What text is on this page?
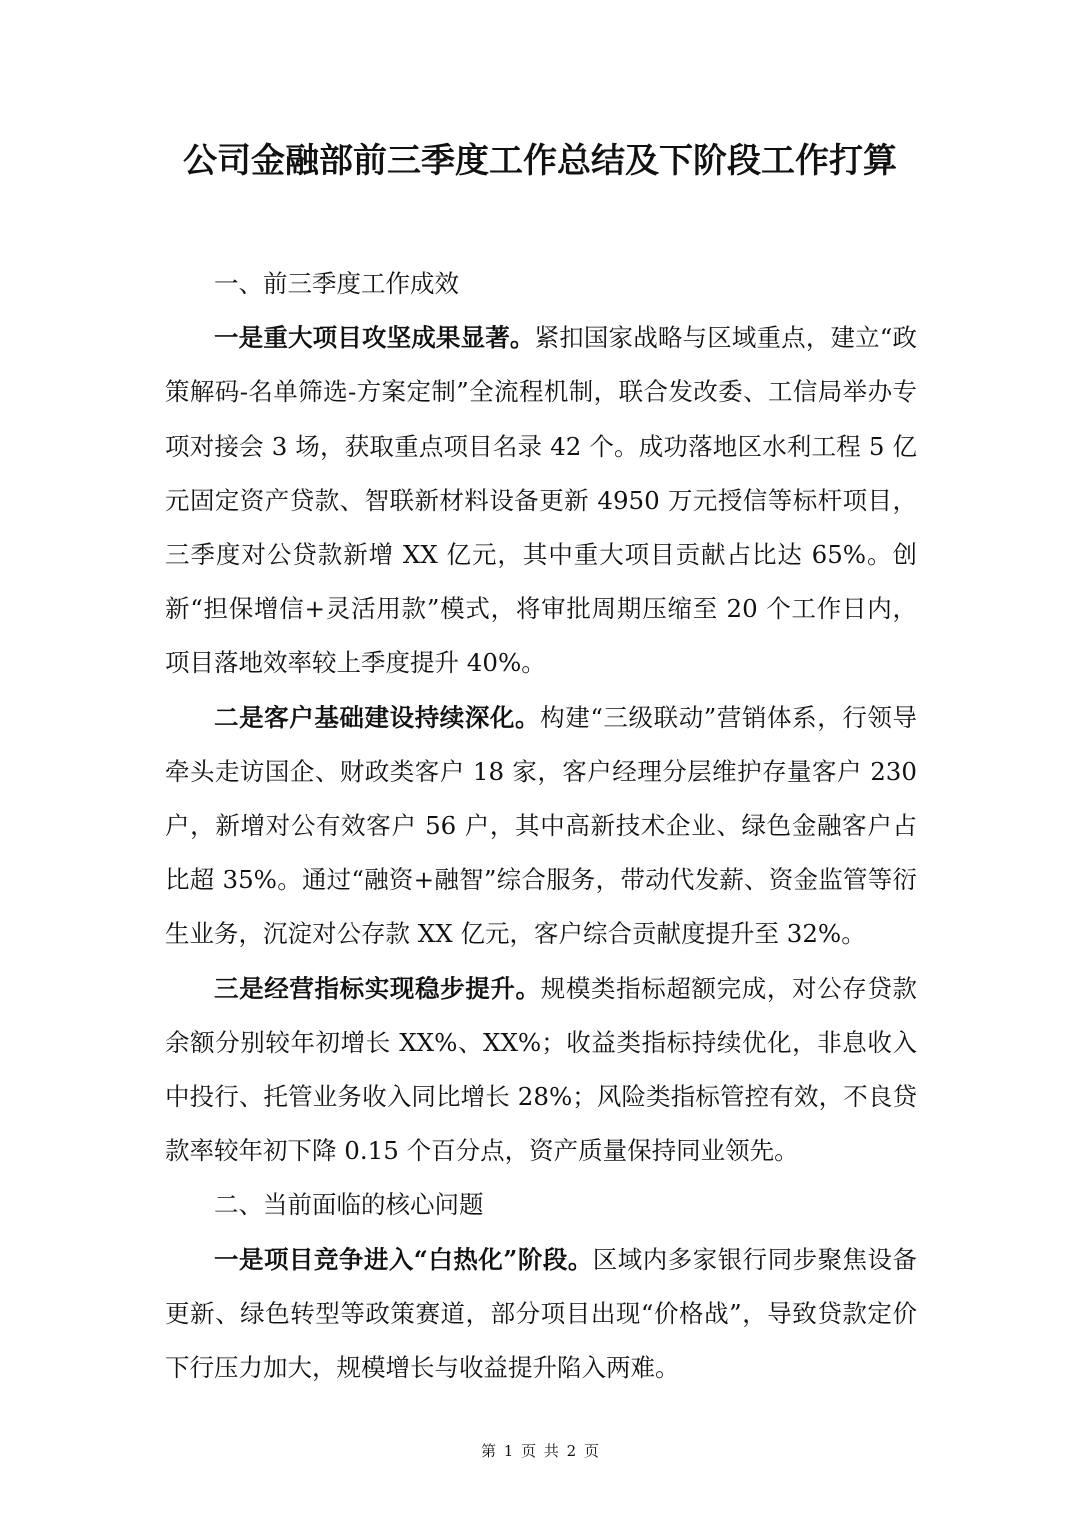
公司金融部前三季度工作总结及下阶段工作打算

一、前三季度工作成效

一是重大项目攻坚成果显著。紧扣国家战略与区域重点，建立“政策解码-名单筛选-方案定制”全流程机制，联合发改委、工信局举办专项对接会 3 场，获取重点项目名录 42 个。成功落地区水利工程 5 亿元固定资产贷款、智联新材料设备更新 4950 万元授信等标杆项目，三季度对公贷款新增 XX 亿元，其中重大项目贡献占比达 65%。创新“担保增信+灵活用款”模式，将审批周期压缩至 20 个工作日内，项目落地效率较上季度提升 40%。

二是客户基础建设持续深化。构建“三级联动”营销体系，行领导牵头走访国企、财政类客户 18 家，客户经理分层维护存量客户 230 户，新增对公有效客户 56 户，其中高新技术企业、绿色金融客户占比超 35%。通过“融资+融智”综合服务，带动代发薪、资金监管等衍生业务，沉淀对公存款 XX 亿元，客户综合贡献度提升至 32%。

三是经营指标实现稳步提升。规模类指标超额完成，对公存贷款余额分别较年初增长 XX%、XX%；收益类指标持续优化，非息收入中投行、托管业务收入同比增长 28%；风险类指标管控有效，不良贷款率较年初下降 0.15 个百分点，资产质量保持同业领先。

二、当前面临的核心问题

一是项目竞争进入“白热化”阶段。区域内多家银行同步聚焦设备更新、绿色转型等政策赛道，部分项目出现“价格战”，导致贷款定价下行压力加大，规模增长与收益提升陷入两难。

第 1 页 共 2 页
